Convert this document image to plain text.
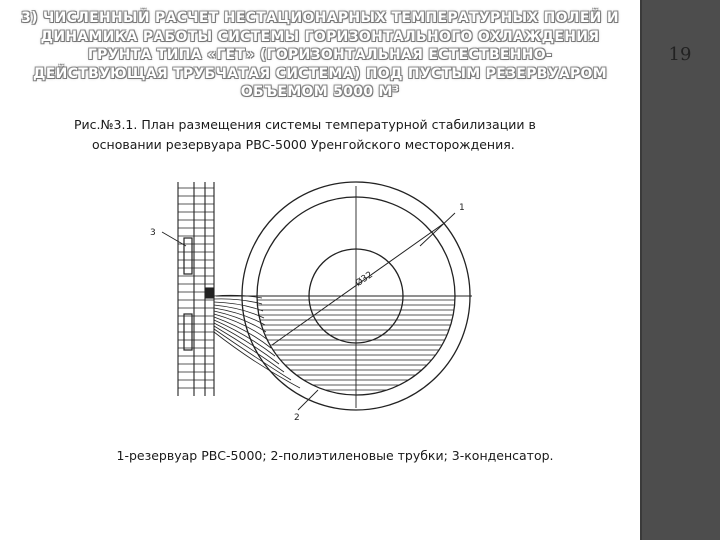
19
3) ЧИСЛЕННЫЙ РАСЧЕТ НЕСТАЦИОНАРНЫХ ТЕМПЕРАТУРНЫХ ПОЛЕЙ И
ДИНАМИКА РАБОТЫ СИСТЕМЫ ГОРИЗОНТАЛЬНОГО ОХЛАЖДЕНИЯ
ГРУНТА ТИПА «ГЕТ» (ГОРИЗОНТАЛЬНАЯ ЕСТЕСТВЕННО-
ДЕЙСТВУЮЩАЯ ТРУБЧАТАЯ СИСТЕМА) ПОД ПУСТЫМ РЕЗЕРВУАРОМ
ОБЪЕМОМ 5000 М³
Рис.№3.1. План размещения системы температурной стабилизации в
основании резервуара РВС-5000 Уренгойского месторождения.
1
2
3
Ø32
1-резервуар РВС-5000; 2-полиэтиленовые трубки; 3-конденсатор.
